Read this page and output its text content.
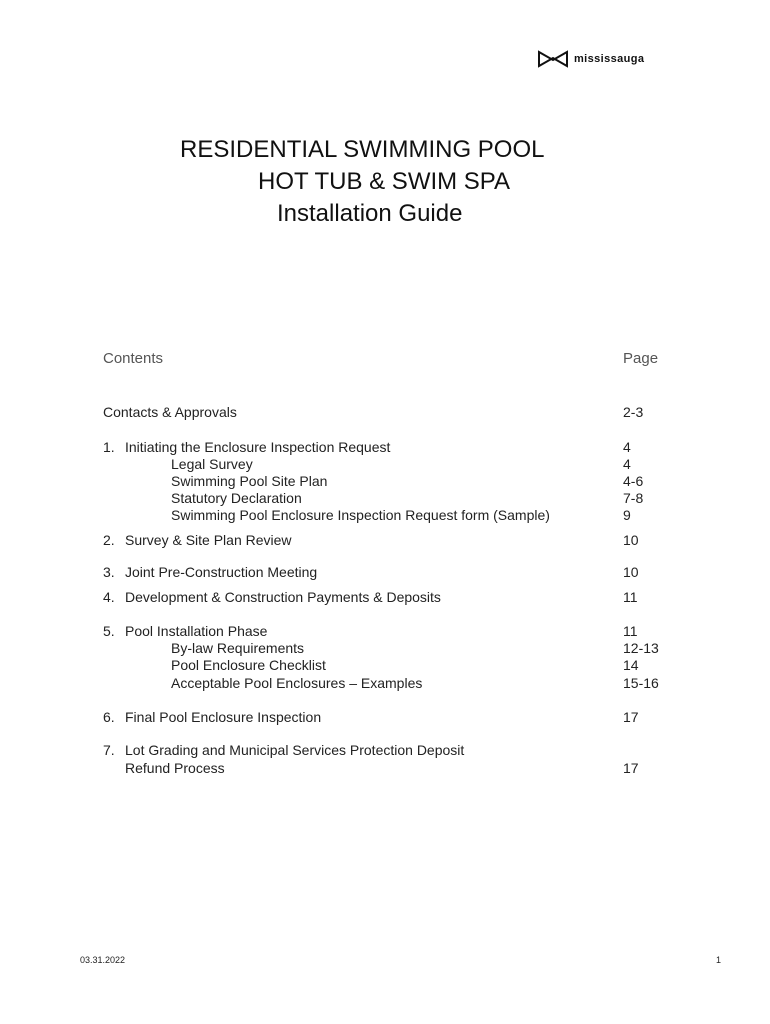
mississauga
RESIDENTIAL SWIMMING POOL
HOT TUB & SWIM SPA
Installation Guide
Contents	Page
Contacts & Approvals	2-3
1. Initiating the Enclosure Inspection Request	4
Legal Survey	4
Swimming Pool Site Plan	4-6
Statutory Declaration	7-8
Swimming Pool Enclosure Inspection Request form (Sample)	9
2. Survey & Site Plan Review	10
3. Joint Pre-Construction Meeting	10
4. Development & Construction Payments & Deposits	11
5. Pool Installation Phase	11
By-law Requirements	12-13
Pool Enclosure Checklist	14
Acceptable Pool Enclosures – Examples	15-16
6. Final Pool Enclosure Inspection	17
7. Lot Grading and Municipal Services Protection Deposit
Refund Process	17
03.31.2022	1
